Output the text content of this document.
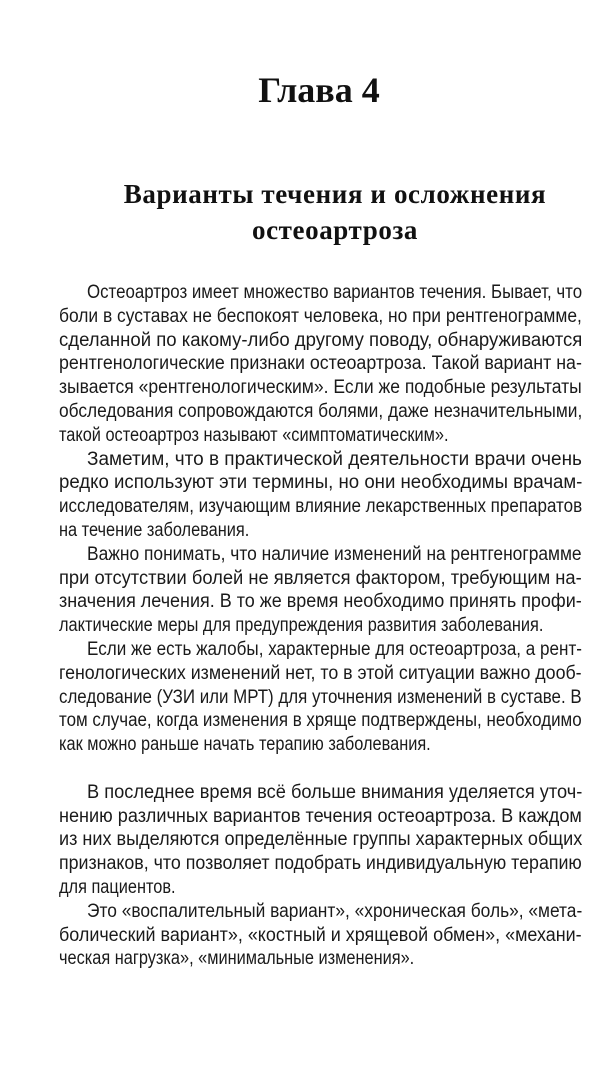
Глава 4
Варианты течения и осложнения
остеоартроза
Остеоартроз имеет множество вариантов течения. Бывает, что
боли в суставах не беспокоят человека, но при рентгенограмме,
сделанной по какому-либо другому поводу, обнаруживаются
рентгенологические признаки остеоартроза. Такой вариант на-
зывается «рентгенологическим». Если же подобные результаты
обследования сопровождаются болями, даже незначительными,
такой остеоартроз называют «симптоматическим».
Заметим, что в практической деятельности врачи очень
редко используют эти термины, но они необходимы врачам-
исследователям, изучающим влияние лекарственных препаратов
на течение заболевания.
Важно понимать, что наличие изменений на рентгенограмме
при отсутствии болей не является фактором, требующим на-
значения лечения. В то же время необходимо принять профи-
лактические меры для предупреждения развития заболевания.
Если же есть жалобы, характерные для остеоартроза, а рент-
генологических изменений нет, то в этой ситуации важно дооб-
следование (УЗИ или МРТ) для уточнения изменений в суставе. В
том случае, когда изменения в хряще подтверждены, необходимо
как можно раньше начать терапию заболевания.
В последнее время всё больше внимания уделяется уточ-
нению различных вариантов течения остеоартроза. В каждом
из них выделяются определённые группы характерных общих
признаков, что позволяет подобрать индивидуальную терапию
для пациентов.
Это «воспалительный вариант», «хроническая боль», «мета-
болический вариант», «костный и хрящевой обмен», «механи-
ческая нагрузка», «минимальные изменения».
